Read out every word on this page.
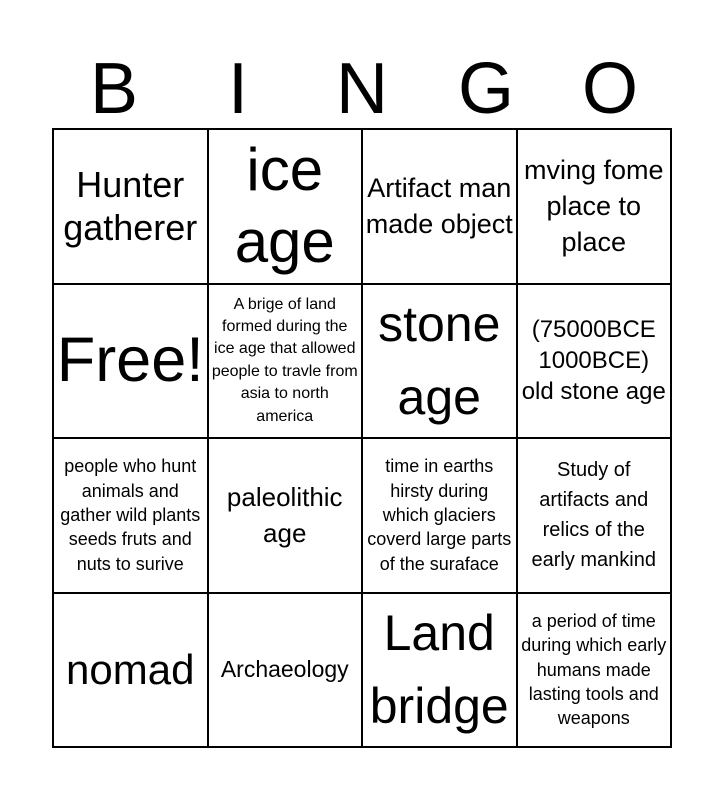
B	I	N G O
Hunter gatherer
ice age
Artifact man made object
mving fome place to place
Free!
A brige of land formed during the ice age that allowed people to travle from asia to north america
stone age
(75000BCE 1000BCE) old stone age
people who hunt animals and gather wild plants seeds fruts and nuts to surive
paleolithic age
time in earths hirsty during which glaciers coverd large parts of the suraface
Study of artifacts and relics of the early mankind
nomad Archaeology
Land bridge
a period of time during which early humans made lasting tools and weapons
